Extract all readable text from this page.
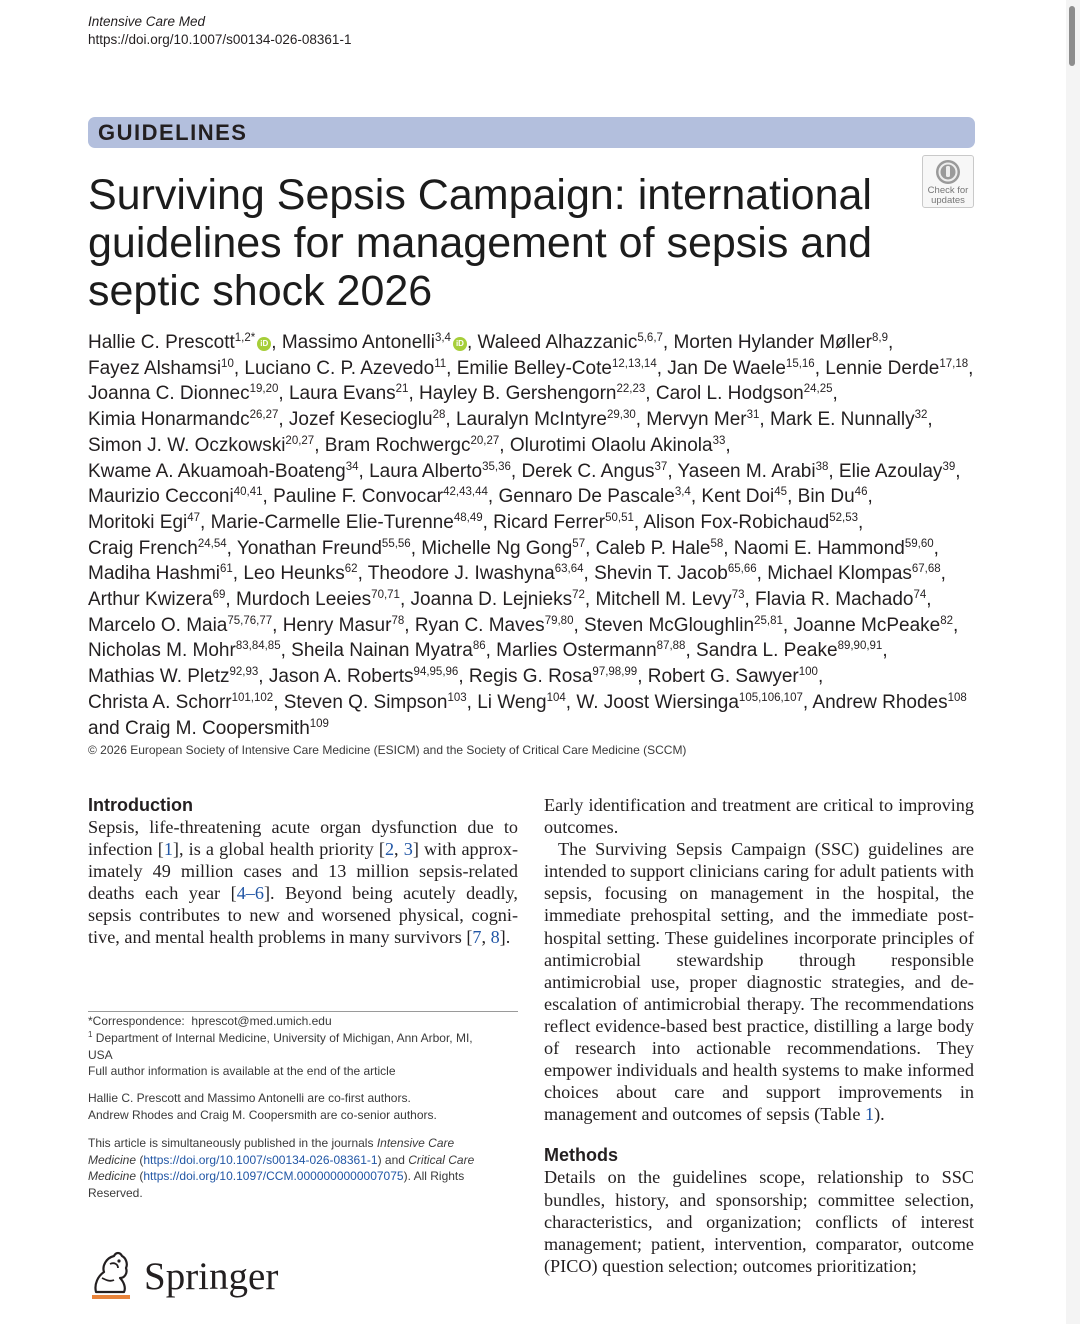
Intensive Care Med
https://doi.org/10.1007/s00134-026-08361-1
GUIDELINES
Surviving Sepsis Campaign: international guidelines for management of sepsis and septic shock 2026
Check for
updates
Hallie C. Prescott$^{1,2*}$ iD , Massimo Antonelli$^{3,4}$ iD , Waleed Alhazzanic$^{5,6,7}$, Morten Hylander Møller$^{8,9}$, Fayez Alshamsi$^{10}$, Luciano C. P. Azevedo$^{11}$, Emilie Belley-Cote$^{12,13,14}$, Jan De Waele$^{15,16}$, Lennie Derde$^{17,18}$, Joanna C. Dionnec$^{19,20}$, Laura Evans$^{21}$, Hayley B. Gershengorn$^{22,23}$, Carol L. Hodgson$^{24,25}$, Kimia Honarmandc$^{26,27}$, Jozef Kesecioglu$^{28}$, Lauralyn McIntyre$^{29,30}$, Mervyn Mer$^{31}$, Mark E. Nunnally$^{32}$, Simon J. W. Oczkowski$^{20,27}$, Bram Rochwergc$^{20,27}$, Olurotimi Olaolu Akinola$^{33}$, Kwame A. Akuamoah-Boateng$^{34}$, Laura Alberto$^{35,36}$, Derek C. Angus$^{37}$, Yaseen M. Arabi$^{38}$, Elie Azoulay$^{39}$, Maurizio Cecconi$^{40,41}$, Pauline F. Convocar$^{42,43,44}$, Gennaro De Pascale$^{3,4}$, Kent Doi$^{45}$, Bin Du$^{46}$, Moritoki Egi$^{47}$, Marie-Carmelle Elie-Turenne$^{48,49}$, Ricard Ferrer$^{50,51}$, Alison Fox-Robichaud$^{52,53}$, Craig French$^{24,54}$, Yonathan Freund$^{55,56}$, Michelle Ng Gong$^{57}$, Caleb P. Hale$^{58}$, Naomi E. Hammond$^{59,60}$, Madiha Hashmi$^{61}$, Leo Heunks$^{62}$, Theodore J. Iwashyna$^{63,64}$, Shevin T. Jacob$^{65,66}$, Michael Klompas$^{67,68}$, Arthur Kwizera$^{69}$, Murdoch Leeies$^{70,71}$, Joanna D. Lejnieks$^{72}$, Mitchell M. Levy$^{73}$, Flavia R. Machado$^{74}$, Marcelo O. Maia$^{75,76,77}$, Henry Masur$^{78}$, Ryan C. Maves$^{79,80}$, Steven McGloughlin$^{25,81}$, Joanne McPeake$^{82}$, Nicholas M. Mohr$^{83,84,85}$, Sheila Nainan Myatra$^{86}$, Marlies Ostermann$^{87,88}$, Sandra L. Peake$^{89,90,91}$, Mathias W. Pletz$^{92,93}$, Jason A. Roberts$^{94,95,96}$, Regis G. Rosa$^{97,98,99}$, Robert G. Sawyer$^{100}$, Christa A. Schorr$^{101,102}$, Steven Q. Simpson$^{103}$, Li Weng$^{104}$, W. Joost Wiersinga$^{105,106,107}$, Andrew Rhodes$^{108}$ and Craig M. Coopersmith$^{109}$
© 2026 European Society of Intensive Care Medicine (ESICM) and the Society of Critical Care Medicine (SCCM)
Introduction

Sepsis, life-threatening acute organ dysfunction due to infection [1], is a global health priority [2, 3] with approximately 49 million cases and 13 million sepsis-related deaths each year [4–6]. Beyond being acutely deadly, sepsis contributes to new and worsened physical, cognitive, and mental health problems in many survivors [7, 8].

*Correspondence: hprescot@med.umich.edu
$^1$ Department of Internal Medicine, University of Michigan, Ann Arbor, MI, USA
Full author information is available at the end of the article
Hallie C. Prescott and Massimo Antonelli are co-first authors.
Andrew Rhodes and Craig M. Coopersmith are co-senior authors.
This article is simultaneously published in the journals Intensive Care Medicine (https://doi.org/10.1007/s00134-026-08361-1) and Critical Care Medicine (https://doi.org/10.1097/CCM.0000000000007075). All Rights Reserved.
Springer

Early identification and treatment are critical to improving outcomes.

The Surviving Sepsis Campaign (SSC) guidelines are intended to support clinicians caring for adult patients with sepsis, focusing on management in the hospital, the immediate prehospital setting, and the immediate post-hospital setting. These guidelines incorporate principles of antimicrobial stewardship through responsible antimicrobial use, proper diagnostic strategies, and de-escalation of antimicrobial therapy. The recommendations reflect evidence-based best practice, distilling a large body of research into actionable recommendations. They empower individuals and health systems to make informed choices about care and support improvements in management and outcomes of sepsis (Table 1).

Methods

Details on the guidelines scope, relationship to SSC bundles, history, and sponsorship; committee selection, characteristics, and organization; conflicts of interest management; patient, intervention, comparator, outcome (PICO) question selection; outcomes prioritization;
